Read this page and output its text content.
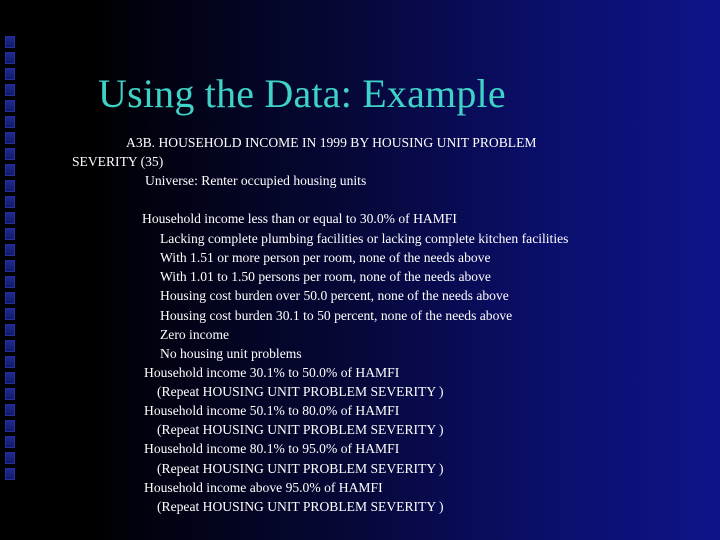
Using the Data: Example
A3B. HOUSEHOLD INCOME IN 1999 BY HOUSING UNIT PROBLEM
SEVERITY (35)
Universe: Renter occupied housing units
Household income less than or equal to 30.0% of HAMFI
Lacking complete plumbing facilities or lacking complete kitchen facilities
With 1.51 or more person per room, none of the needs above
With 1.01 to 1.50 persons per room, none of the needs above
Housing cost burden over 50.0 percent, none of the needs above
Housing cost burden 30.1 to 50 percent, none of the needs above
Zero income
No housing unit problems
Household income 30.1% to 50.0% of HAMFI
(Repeat HOUSING UNIT PROBLEM SEVERITY )
Household income 50.1% to 80.0% of HAMFI
(Repeat HOUSING UNIT PROBLEM SEVERITY )
Household income 80.1% to 95.0% of HAMFI
(Repeat HOUSING UNIT PROBLEM SEVERITY )
Household income above 95.0% of HAMFI
(Repeat HOUSING UNIT PROBLEM SEVERITY )
